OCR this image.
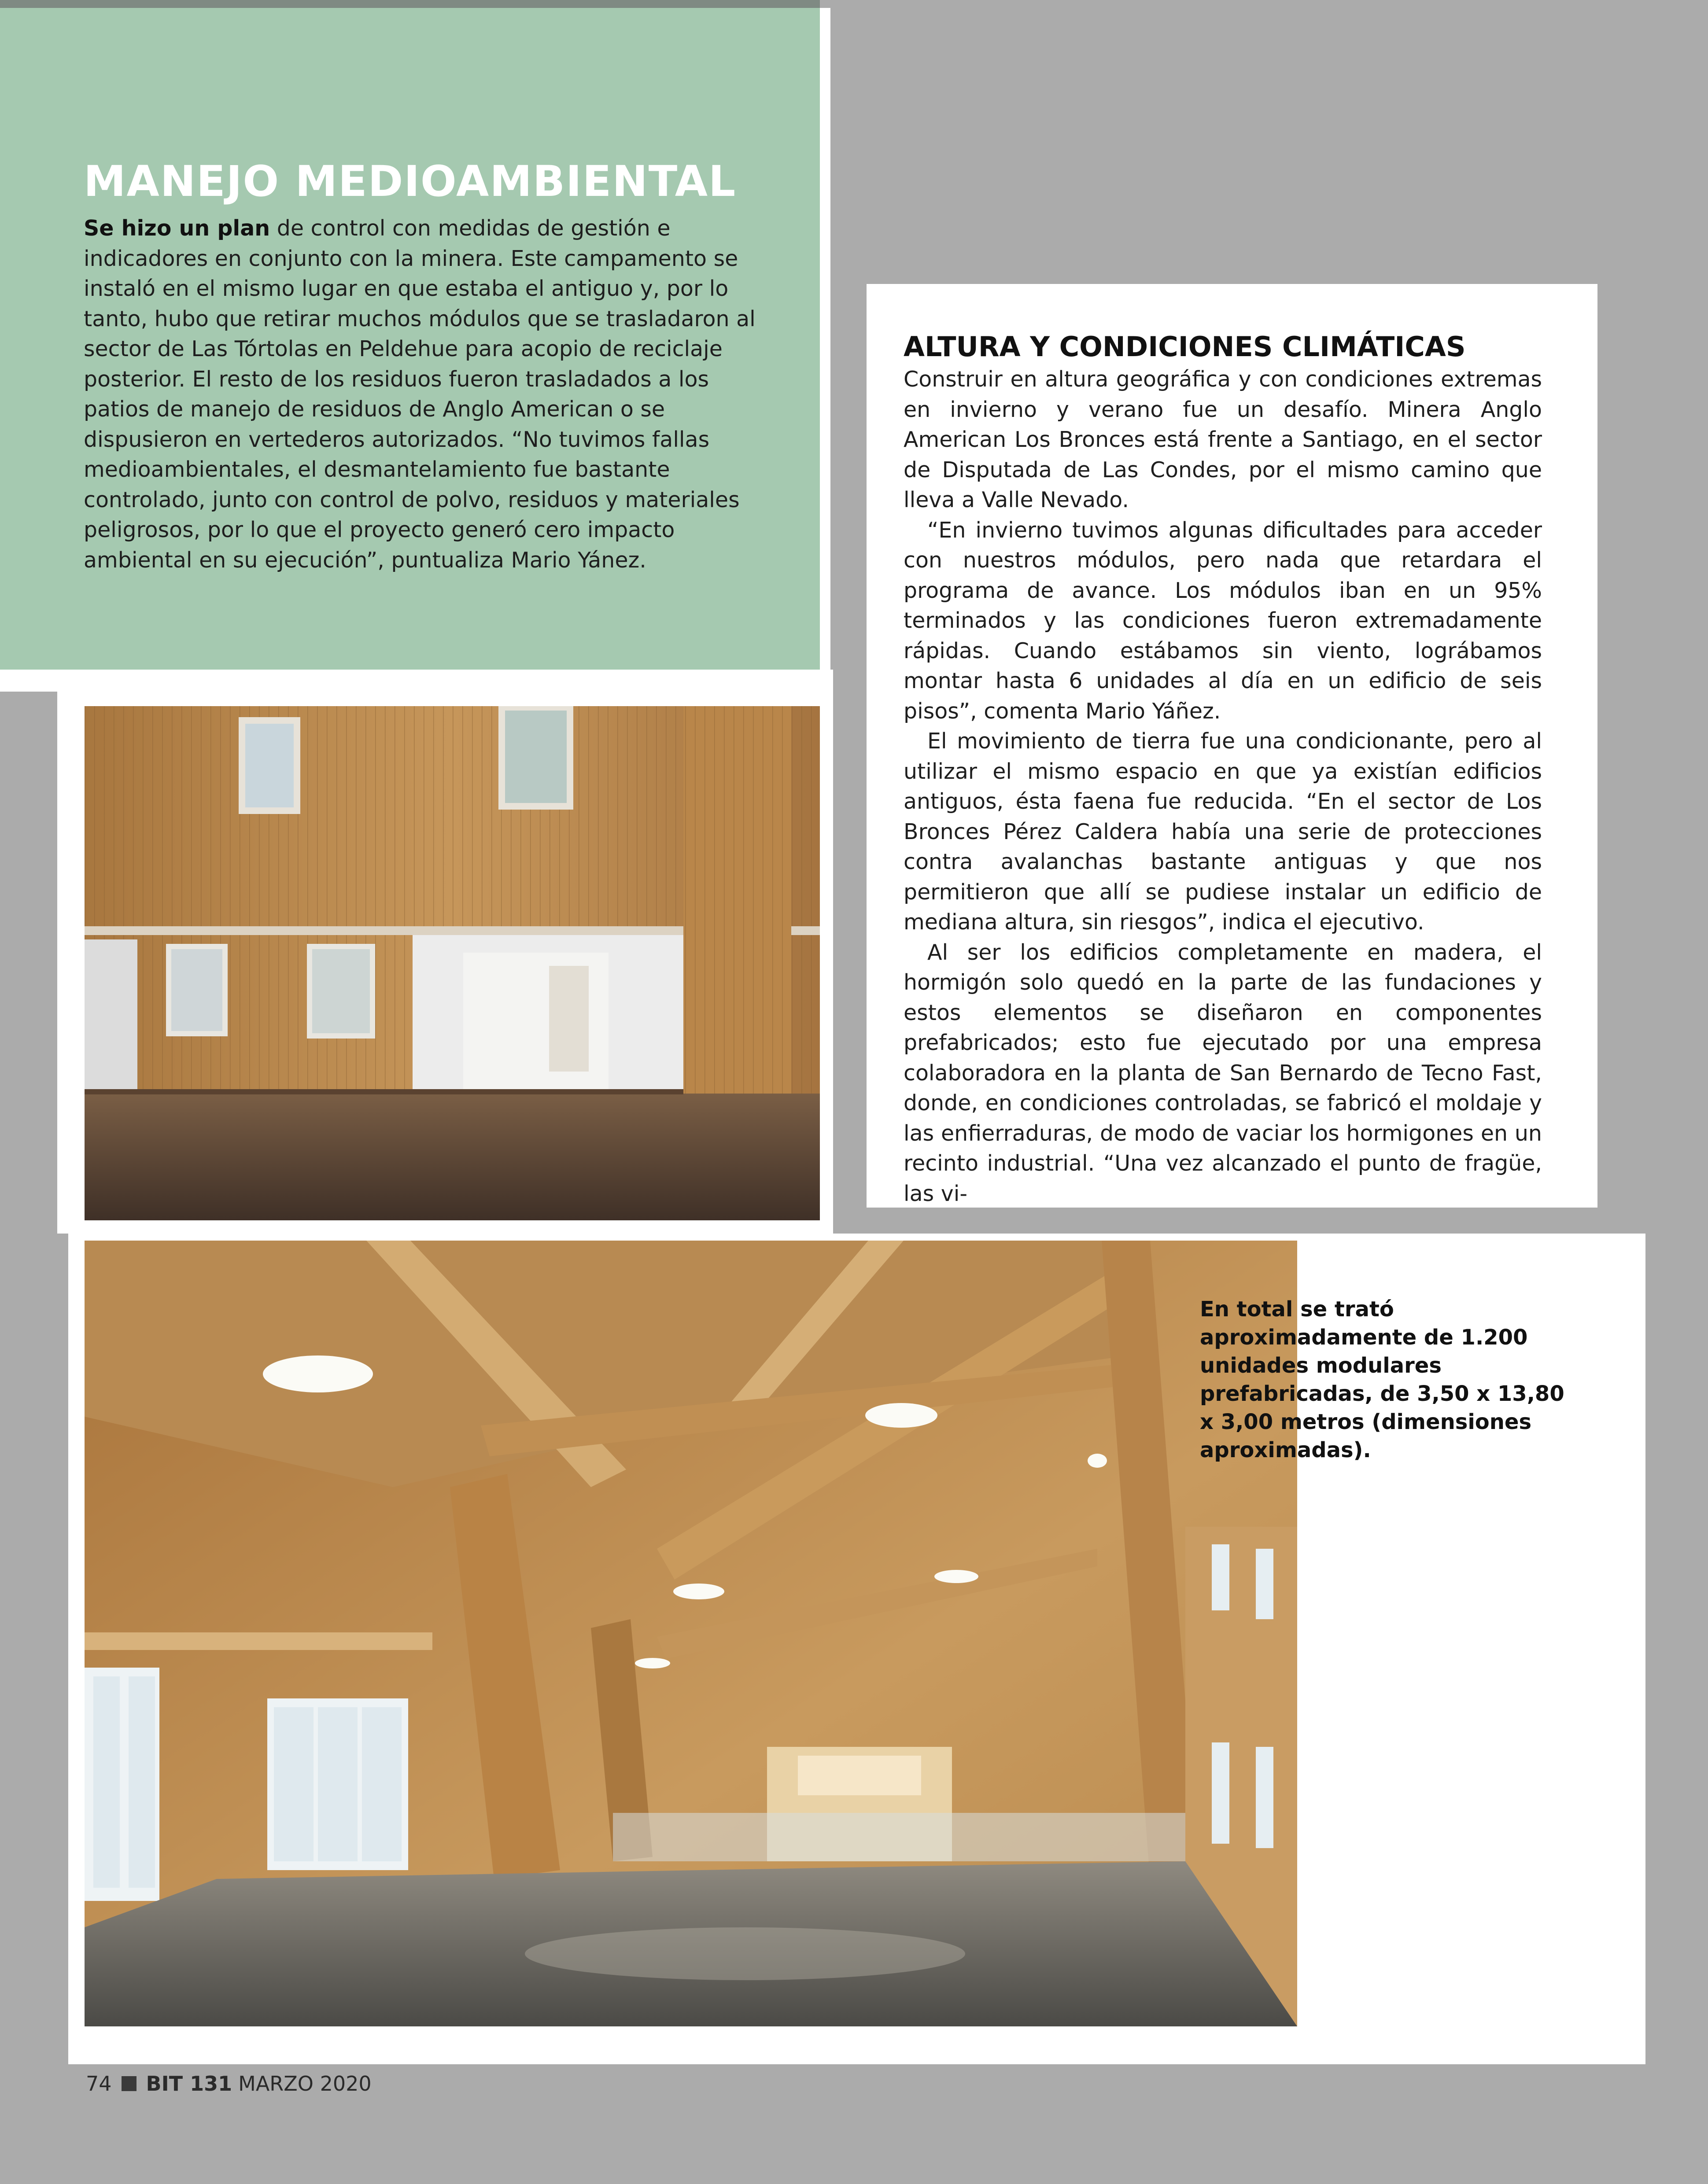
MANEJO MEDIOAMBIENTAL
Se hizo un plan de control con medidas de gestión e indicadores en conjunto con la minera. Este campamento se instaló en el mismo lugar en que estaba el antiguo y, por lo tanto, hubo que retirar muchos módulos que se trasladaron al sector de Las Tórtolas en Peldehue para acopio de reciclaje posterior. El resto de los residuos fueron trasladados a los patios de manejo de residuos de Anglo American o se dispusieron en vertederos autorizados. “No tuvimos fallas medioambientales, el desmantelamiento fue bastante controlado, junto con control de polvo, residuos y materiales peligrosos, por lo que el proyecto generó cero impacto ambiental en su ejecución”, puntualiza Mario Yánez.
ALTURA Y CONDICIONES CLIMÁTICAS

Construir en altura geográfica y con condiciones extremas en invierno y verano fue un desafío. Minera Anglo American Los Bronces está frente a Santiago, en el sector de Disputada de Las Condes, por el mismo camino que lleva a Valle Nevado.

“En invierno tuvimos algunas dificultades para acceder con nuestros módulos, pero nada que retardara el programa de avance. Los módulos iban en un 95% terminados y las condiciones fueron extremadamente rápidas. Cuando estábamos sin viento, lográbamos montar hasta 6 unidades al día en un edificio de seis pisos”, comenta Mario Yáñez.

El movimiento de tierra fue una condicionante, pero al utilizar el mismo espacio en que ya existían edificios antiguos, ésta faena fue reducida. “En el sector de Los Bronces Pérez Caldera había una serie de protecciones contra avalanchas bastante antiguas y que nos permitieron que allí se pudiese instalar un edificio de mediana altura, sin riesgos”, indica el ejecutivo.

Al ser los edificios completamente en madera, el hormigón solo quedó en la parte de las fundaciones y estos elementos se diseñaron en componentes prefabricados; esto fue ejecutado por una empresa colaboradora en la planta de San Bernardo de Tecno Fast, donde, en condiciones controladas, se fabricó el moldaje y las enfierraduras, de modo de vaciar los hormigones en un recinto industrial. “Una vez alcanzado el punto de fragüe, las vi-

En total se trató aproximadamente de 1.200 unidades modulares prefabricadas, de 3,50 x 13,80 x 3,00 metros (dimensiones aproximadas).
74 BIT 131 MARZO 2020
